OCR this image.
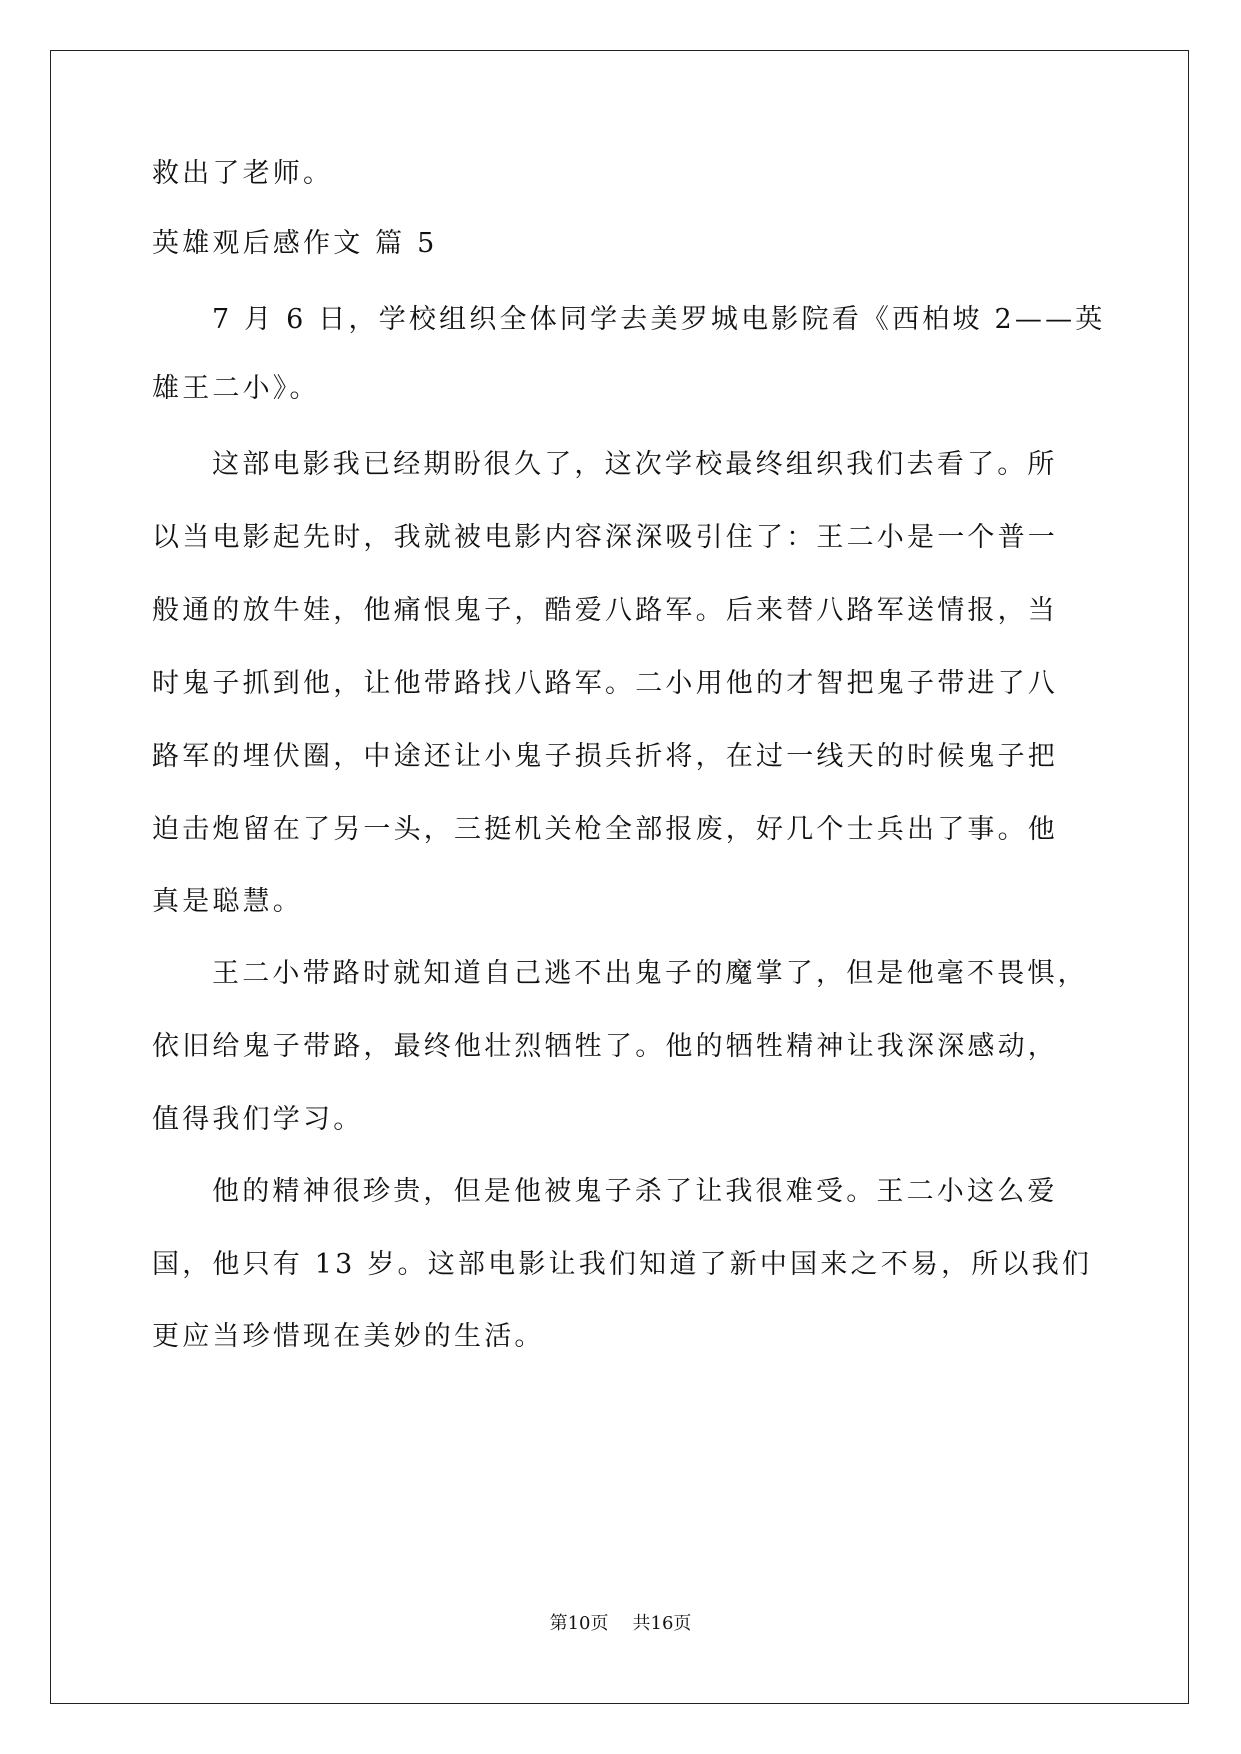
救出了老师。
英雄观后感作文 篇 5
7 月 6 日，学校组织全体同学去美罗城电影院看《西柏坡 2——英
雄王二小》。
这部电影我已经期盼很久了，这次学校最终组织我们去看了。所
以当电影起先时，我就被电影内容深深吸引住了：王二小是一个普一
般通的放牛娃，他痛恨鬼子，酷爱八路军。后来替八路军送情报，当
时鬼子抓到他，让他带路找八路军。二小用他的才智把鬼子带进了八
路军的埋伏圈，中途还让小鬼子损兵折将，在过一线天的时候鬼子把
迫击炮留在了另一头，三挺机关枪全部报废，好几个士兵出了事。他
真是聪慧。
王二小带路时就知道自己逃不出鬼子的魔掌了，但是他毫不畏惧，
依旧给鬼子带路，最终他壮烈牺牲了。他的牺牲精神让我深深感动，
值得我们学习。
他的精神很珍贵，但是他被鬼子杀了让我很难受。王二小这么爱
国，他只有 13 岁。这部电影让我们知道了新中国来之不易，所以我们
更应当珍惜现在美妙的生活。
第10页 共16页
